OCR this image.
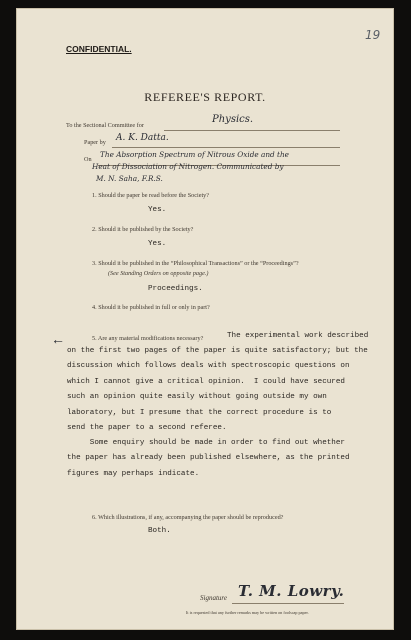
19
CONFIDENTIAL.
REFEREE'S REPORT.
To the Sectional Committee for
Physics.
Paper by A. K. Datta.
On
The Absorption Spectrum of Nitrous Oxide and the
Heat of Dissociation of Nitrogen. Communicated by
M. N. Saha, F.R.S.
1. Should the paper be read before the Society?
Yes.
2. Should it be published by the Society?
Yes.
3. Should it be published in the “Philosophical Transactions” or the “Proceedings”?
(See Standing Orders on opposite page.)
Proceedings.
4. Should it be published in full or only in part?
←	5. Are any material modifications necessary?	The experimental work described
on the first two pages of the paper is quite satisfactory; but the
discussion which follows deals with spectroscopic questions on
which I cannot give a critical opinion.  I could have secured
such an opinion quite easily without going outside my own
laboratory, but I presume that the correct procedure is to
send the paper to a second referee.
Some enquiry should be made in order to find out whether
the paper has already been published elsewhere, as the printed
figures may perhaps indicate.
6. Which illustrations, if any, accompanying the paper should be reproduced?
Both.
Signature T. M. Lowry.
It is requested that any further remarks may be written on foolscap paper.
